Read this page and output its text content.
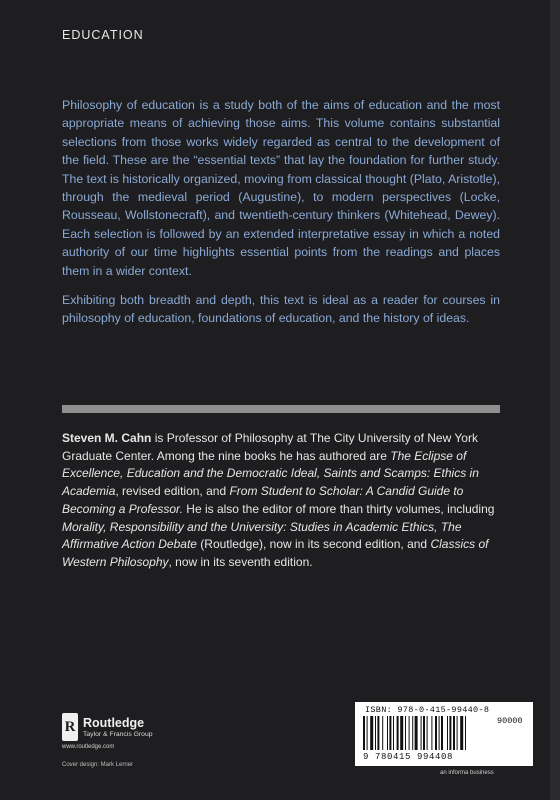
EDUCATION

Philosophy of education is a study both of the aims of education and the most appropriate means of achieving those aims. This volume contains substantial selections from those works widely regarded as central to the development of the field. These are the “essential texts” that lay the foundation for further study. The text is historically organized, moving from classical thought (Plato, Aristotle), through the medieval period (Augustine), to modern perspectives (Locke, Rousseau, Wollstonecraft), and twentieth-century thinkers (Whitehead, Dewey). Each selection is followed by an extended interpretative essay in which a noted authority of our time highlights essential points from the readings and places them in a wider context.

Exhibiting both breadth and depth, this text is ideal as a reader for courses in philosophy of education, foundations of education, and the history of ideas.

Steven M. Cahn is Professor of Philosophy at The City University of New York Graduate Center. Among the nine books he has authored are The Eclipse of Excellence, Education and the Democratic Ideal, Saints and Scamps: Ethics in Academia, revised edition, and From Student to Scholar: A Candid Guide to Becoming a Professor. He is also the editor of more than thirty volumes, including Morality, Responsibility and the University: Studies in Academic Ethics, The Affirmative Action Debate (Routledge), now in its second edition, and Classics of Western Philosophy, now in its seventh edition.
R Routledge
Taylor & Francis Group
www.routledge.com
Cover design: Mark Lerner
ISBN: 978-0-415-99440-8
90000
9 780415 994408
an informa business
